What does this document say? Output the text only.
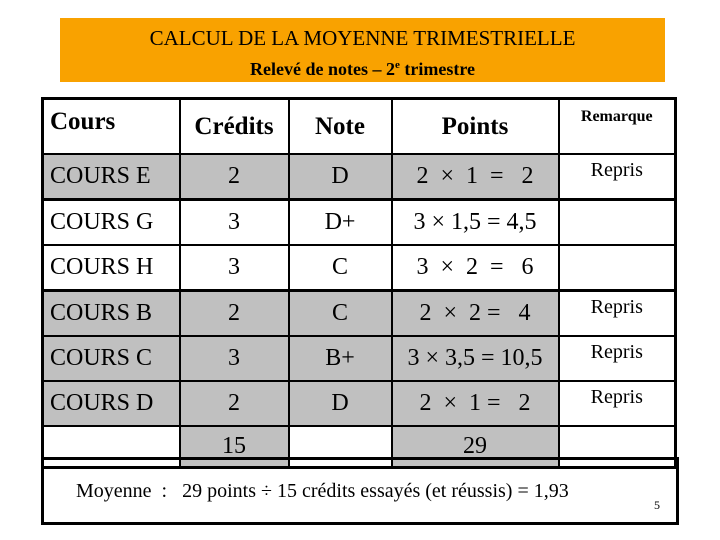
CALCUL DE LA MOYENNE TRIMESTRIELLE
Relevé de notes – 2e trimestre
Cours	Crédits	Note	Points	Remarque
COURS E	2	D	2  ×  1  =   2	Repris
COURS G	3	D+	3 × 1,5 = 4,5	
COURS H	3	C	3  ×  2  =   6	
COURS B	2	C	2  ×  2 =   4	Repris
COURS C	3	B+	3 × 3,5 = 10,5	Repris
COURS D	2	D	2  ×  1 =   2	Repris
	15		29	
Moyenne  :   29 points ÷ 15 crédits essayés (et réussis) = 1,93
5
